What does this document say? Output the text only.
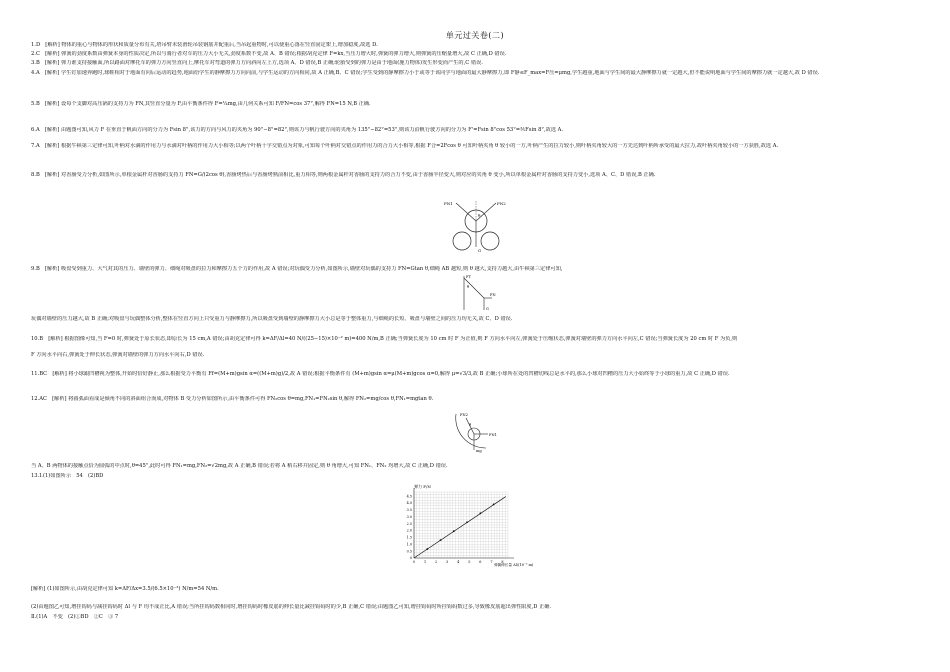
单元过关卷(二)
1.D　[解析] 物体的重心与物体的形状和质量分布有关,塔吊臂未装滑轮吊装钢筋并配重后,当吊起重物时,可以使重心落在竖直固定架上,增加稳度,故选 D.
2.C　[解析] 弹簧的劲度系数由弹簧本身的性质决定,所以与骑行者对车的压力大小无关,劲度系数不变,故 A、B 错误;根据胡克定律 F=kx,当压力增大时,弹簧的弹力增大,则弹簧的压缩量增大,故 C 正确,D 错误.
3.B　[解析] 弹力谁支持接触面,所以路面对摩托车的弹力方向竖直向上,摩托车对弯道的弹力方向斜向左上方,选项 A、D 错误,B 正确;轮胎受到的弹力是由于地面(施力物体)发生形变而产生的,C 错误.
4.A　[解析] 学生钉加速奔跑时,球鞋相对于地面有向后运动的趋势,地面给学生的静摩擦力方向向前,与学生运动的方向相同,故 A 正确,B、C 错误;学生受到的静摩擦力小于或等于该同学与地面的最大静摩擦力,即 F静≤F_max=F压=μmg,学生越重,地面与学生间的最大静摩擦力就一定越大,但不能说明地面与学生间的摩擦力就一定越大,故 D 错误.
5.B　[解析] 设每个支脚对高压锅的支持力为 FN,其竖直分量为 F,由平衡条件得 F=¼mg,由几何关系可知 F/FN=cos 37°,解得 FN=15 N,B 正确.
6.A　[解析] 由题图可知,风力 F 在垂直于帆面方向的分力为 Fsin 8°,该力的方向与风力的夹角为 90°−8°=82°,则该力与帆行驶方向的夹角为 135°−82°=53°,则该力沿帆行驶方向的分力为 F'=Fsin 8°cos 53°=⅗Fsin 8°,故选 A.
7.A　[解析] 根据牛顿第三定律可知,叶柄对水滴的作用力与水滴对叶柄的作用力大小相等;以两个叶柄十字交错点为对象,可知每个叶柄对交错点的作用力的合力大小相等,根据 F合=2Fcos θ 可知叶柄夹角 θ 较小的一方,叶柄产生的拉力较小,则叶柄夹角较大的一方先达到叶柄所承受的最大拉力,故叶柄夹角较小的一方获胜,故选 A.
8.B　[解析] 对香肠受力分析,如图所示,单根金属杆对香肠的支持力 FN=G/(2cos θ),香肠烤热后与香肠烤熟前相比,重力相等,则两根金属杆对香肠的支持力的合力不变,由于香肠半径变大,则对应的夹角 θ 变小,所以单根金属杆对香肠的支持力变小,选项 A、C、D 错误,B 正确.
FN1	FN2
θ
G
9.B　[解析] 吸盘受到重力、大气对其的压力、墙壁的弹力、细绳对吸盘的拉力和摩擦力五个力的作用,故 A 错误;对玩偶受力分析,如图所示,墙壁对玩偶的支持力 FN=Gtan θ,细绳 AB 越短,则 θ 越大,支持力越大,由牛顿第三定律可知,
FT
FN
θ
G
玩偶对墙壁的压力越大,故 B 正确;对吸盘与玩偶整体分析,整体在竖直方向上只受重力与静摩擦力,所以吸盘受到墙壁的静摩擦力大小总是等于整体重力,与细绳的长短、吸盘与墙壁之间的压力均无关,故 C、D 错误.
10.B　[解析] 根据图像可知,当 F=0 时,弹簧处于原长状态,即原长为 15 cm,A 错误;由胡克定律可得 k=ΔF/Δl=40 N/((25−15)×10⁻² m)=400 N/m,B 正确;当弹簧长度为 10 cm 时 F 为正值,则 F 方向水平向左,弹簧处于压缩状态,弹簧对墙壁的弹力方向水平向左,C 错误;当弹簧长度为 20 cm 时 F 为负,则
F 方向水平向右,弹簧处于伸长状态,弹簧对墙壁的弹力方向水平向右,D 错误.
11.BC　[解析] 将小球跟凹槽视为整体,开始时恰好静止,那么根据受力平衡有 Ff=(M+m)gsin α=((M+m)g)/2,故 A 错误;根据平衡条件有 (M+m)gsin α=μ(M+m)gcos α=0,解得 μ=√3/3,故 B 正确;小球所在处的凹槽切线总是水平的,那么小球对凹槽的压力大小始终等于小球的重力,故 C 正确,D 错误.
12.AC　[解析] 将圆弧面看成是倾角不同的斜面组合而成,对物体 B 受力分析如图所示,由平衡条件可得 FN₂cos θ=mg,FN₁=FN₂sin θ,解得 FN₂=mg/cos θ,FN₁=mgtan θ.
FN2
FN1
θ
mg
当 A、B 两物体的接触点恰为圆弧的中点时,θ=45°,此时可得 FN₁=mg,FN₂=√2mg,故 A 正确,B 错误;若将 A 稍右移并固定,则 θ 角增大,可知 FN₁、FN₂ 均增大,故 C 正确,D 错误.
13.Ⅰ.(1)如图所示　54　(2)BD
0
0.5
1.0
1.5
2.0
2.5
3.0
3.5
4.0
4.5
0	1	2	3	4	5	6	7	8
弹力 F/N
弹簧伸长量 Δl/(10⁻² m)
[解析] (1)如图所示,由胡克定律可知 k=ΔF/Δx=3.5/(6.5×10⁻²) N/m=54 N/m.
(2)由题图乙可知,增挂钩码与减挂钩码时 Δl 与 F 均不成正比,A 错误;当所挂钩码数相同时,增挂钩码时橡皮筋的伸长量比减挂钩码时的少,B 正确,C 错误;由题图乙可知,增挂钩码时所挂钩码数过多,导致橡皮筋超出弹性限度,D 正确.
Ⅱ.(1)A　不变　(2)①BD　②C　③ 7
